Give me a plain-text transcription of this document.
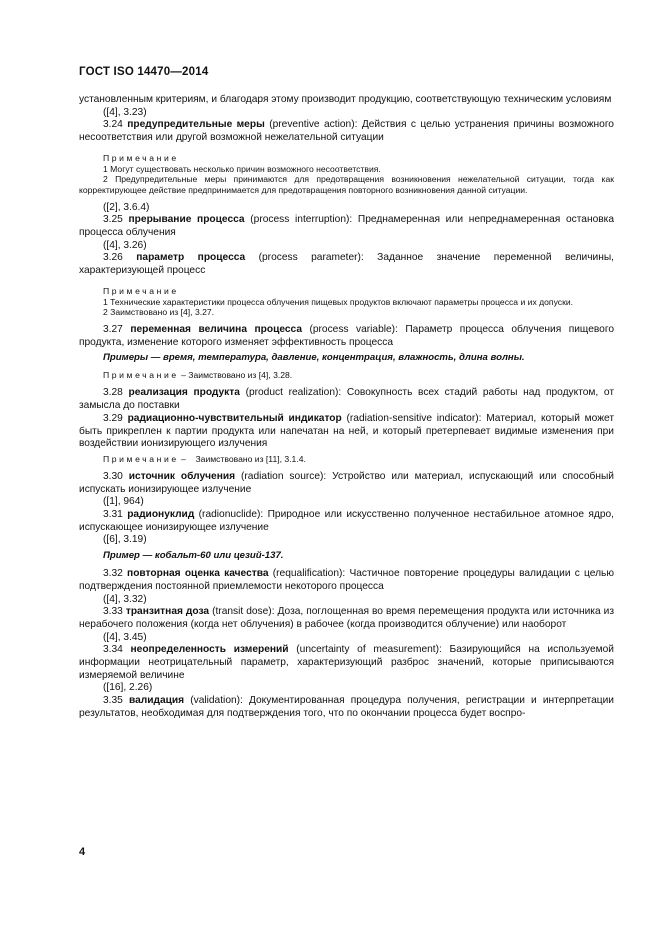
ГОСТ ISO 14470—2014

установленным критериям, и благодаря этому производит продукцию, соответствующую техническим условиям

([4], 3.23)

3.24 предупредительные меры (preventive action): Действия с целью устранения причины возможного несоответствия или другой возможной нежелательной ситуации

Примечание

1 Могут существовать несколько причин возможного несоответствия.

2 Предупредительные меры принимаются для предотвращения возникновения нежелательной ситуации, тогда как корректирующее действие предпринимается для предотвращения повторного возникновения данной ситуации.

([2], 3.6.4)

3.25 прерывание процесса (process interruption): Преднамеренная или непреднамеренная остановка процесса облучения

([4], 3.26)

3.26 параметр процесса (process parameter): Заданное значение переменной величины, характеризующей процесс

Примечание

1 Технические характеристики процесса облучения пищевых продуктов включают параметры процесса и их допуски.

2 Заимствовано из [4], 3.27.

3.27 переменная величина процесса (process variable): Параметр процесса облучения пищевого продукта, изменение которого изменяет эффективность процесса

Примеры — время, температура, давление, концентрация, влажность, длина волны.

Примечание – Заимствовано из [4], 3.28.

3.28 реализация продукта (product realization): Совокупность всех стадий работы над продуктом, от замысла до поставки

3.29 радиационно-чувствительный индикатор (radiation-sensitive indicator): Материал, который может быть прикреплен к партии продукта или напечатан на ней, и который претерпевает видимые изменения при воздействии ионизирующего излучения

Примечание –    Заимствовано из [11], 3.1.4.

3.30 источник облучения (radiation source): Устройство или материал, испускающий или способный испускать ионизирующее излучение

([1], 964)

3.31 радионуклид (radionuclide): Природное или искусственно полученное нестабильное атомное ядро, испускающее ионизирующее излучение

([6], 3.19)

Пример — кобальт-60 или цезий-137.

3.32 повторная оценка качества (requalification): Частичное повторение процедуры валидации с целью подтверждения постоянной приемлемости некоторого процесса

([4], 3.32)

3.33 транзитная доза (transit dose): Доза, поглощенная во время перемещения продукта или источника из нерабочего положения (когда нет облучения) в рабочее (когда производится облучение) или наоборот

([4], 3.45)

3.34 неопределенность измерений (uncertainty of measurement): Базирующийся на используемой информации неотрицательный параметр, характеризующий разброс значений, которые приписываются измеряемой величине

([16], 2.26)

3.35 валидация (validation): Документированная процедура получения, регистрации и интерпретации результатов, необходимая для подтверждения того, что по окончании процесса будет воспро-

4
